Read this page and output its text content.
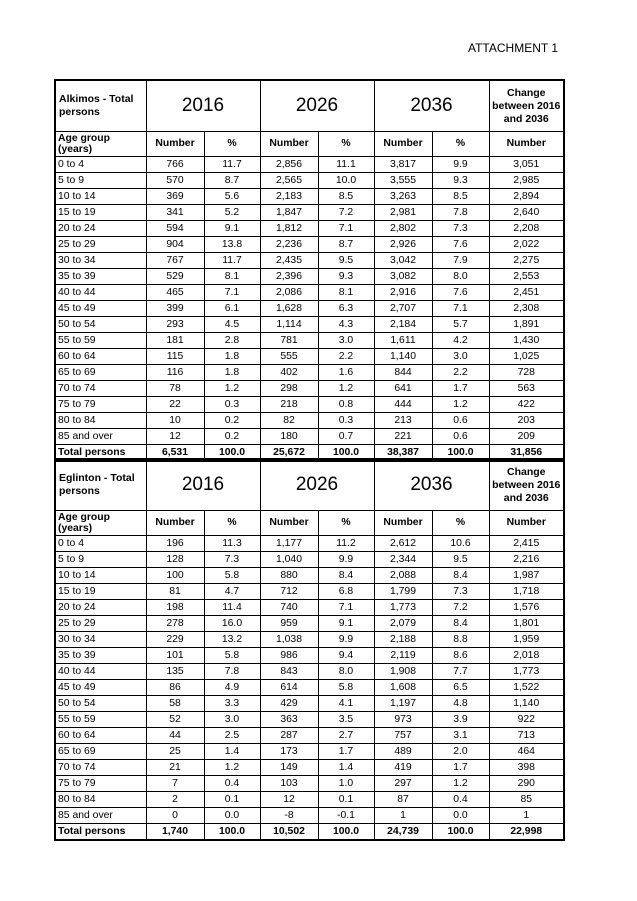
ATTACHMENT 1
Alkimos - Total persons	2016		2026		2036		Change between 2016 and 2036
Age group (years)	Number	%	Number	%	Number	%	Number
0 to 4	766	11.7	2,856	11.1	3,817	9.9	3,051
5 to 9	570	8.7	2,565	10.0	3,555	9.3	2,985
10 to 14	369	5.6	2,183	8.5	3,263	8.5	2,894
15 to 19	341	5.2	1,847	7.2	2,981	7.8	2,640
20 to 24	594	9.1	1,812	7.1	2,802	7.3	2,208
25 to 29	904	13.8	2,236	8.7	2,926	7.6	2,022
30 to 34	767	11.7	2,435	9.5	3,042	7.9	2,275
35 to 39	529	8.1	2,396	9.3	3,082	8.0	2,553
40 to 44	465	7.1	2,086	8.1	2,916	7.6	2,451
45 to 49	399	6.1	1,628	6.3	2,707	7.1	2,308
50 to 54	293	4.5	1,114	4.3	2,184	5.7	1,891
55 to 59	181	2.8	781	3.0	1,611	4.2	1,430
60 to 64	115	1.8	555	2.2	1,140	3.0	1,025
65 to 69	116	1.8	402	1.6	844	2.2	728
70 to 74	78	1.2	298	1.2	641	1.7	563
75 to 79	22	0.3	218	0.8	444	1.2	422
80 to 84	10	0.2	82	0.3	213	0.6	203
85 and over	12	0.2	180	0.7	221	0.6	209
Total persons	6,531	100.0	25,672	100.0	38,387	100.0	31,856
Eglinton - Total persons	2016		2026		2036		Change between 2016 and 2036
Age group (years)	Number	%	Number	%	Number	%	Number
0 to 4	196	11.3	1,177	11.2	2,612	10.6	2,415
5 to 9	128	7.3	1,040	9.9	2,344	9.5	2,216
10 to 14	100	5.8	880	8.4	2,088	8.4	1,987
15 to 19	81	4.7	712	6.8	1,799	7.3	1,718
20 to 24	198	11.4	740	7.1	1,773	7.2	1,576
25 to 29	278	16.0	959	9.1	2,079	8.4	1,801
30 to 34	229	13.2	1,038	9.9	2,188	8.8	1,959
35 to 39	101	5.8	986	9.4	2,119	8.6	2,018
40 to 44	135	7.8	843	8.0	1,908	7.7	1,773
45 to 49	86	4.9	614	5.8	1,608	6.5	1,522
50 to 54	58	3.3	429	4.1	1,197	4.8	1,140
55 to 59	52	3.0	363	3.5	973	3.9	922
60 to 64	44	2.5	287	2.7	757	3.1	713
65 to 69	25	1.4	173	1.7	489	2.0	464
70 to 74	21	1.2	149	1.4	419	1.7	398
75 to 79	7	0.4	103	1.0	297	1.2	290
80 to 84	2	0.1	12	0.1	87	0.4	85
85 and over	0	0.0	-8	-0.1	1	0.0	1
Total persons	1,740	100.0	10,502	100.0	24,739	100.0	22,998
